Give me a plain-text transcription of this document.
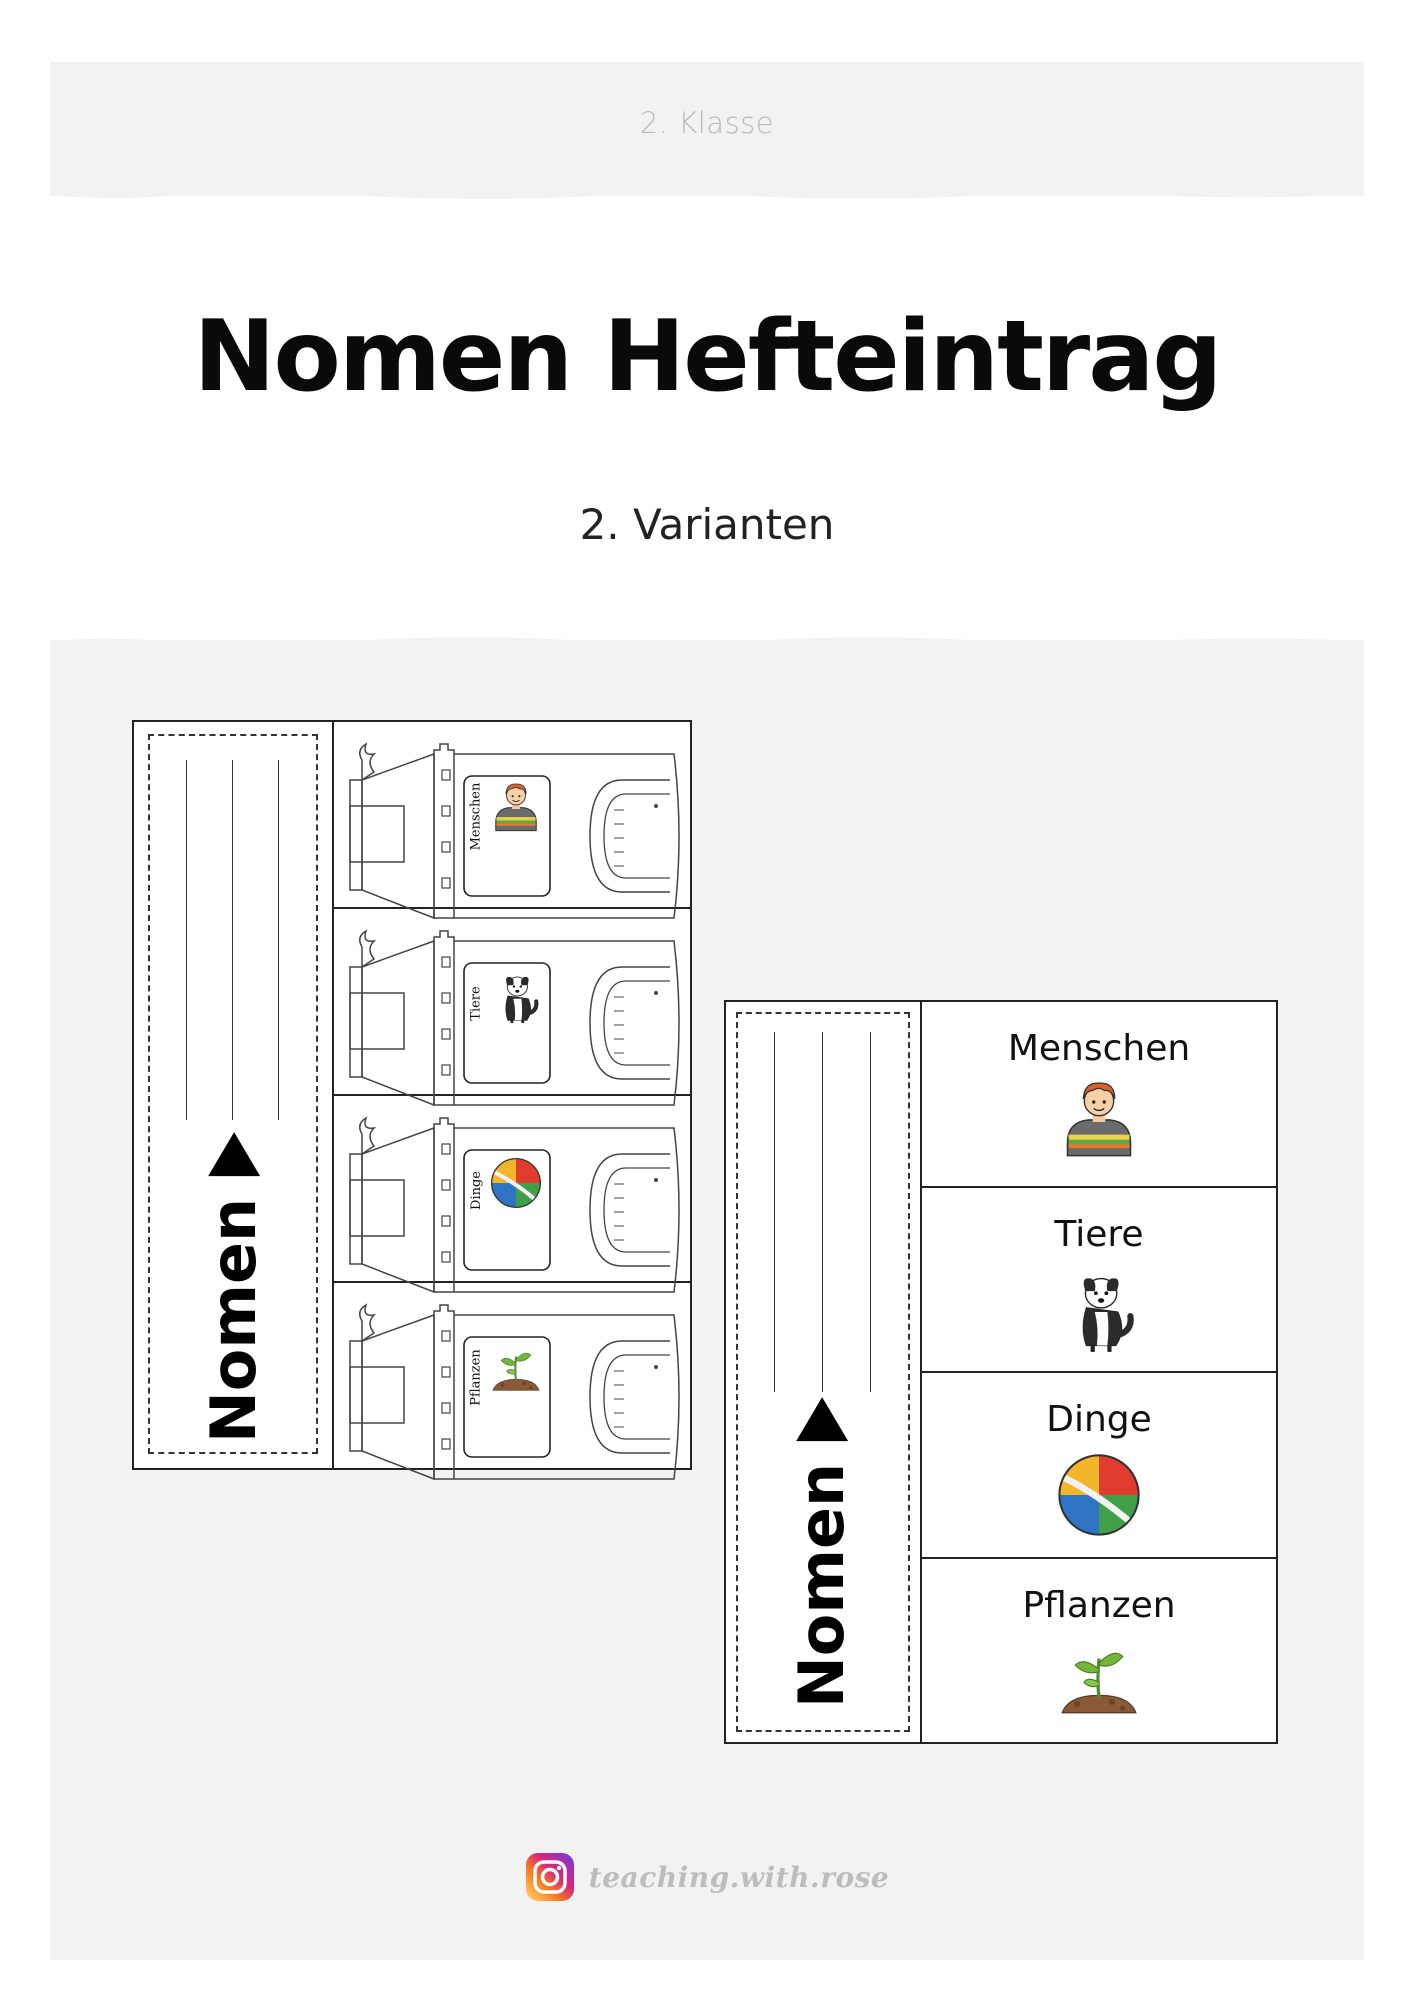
2. Klasse
Nomen Hefteintrag
2. Varianten
Nomen
Menschen
Tiere
Dinge
Pflanzen
Nomen
Menschen
Tiere
Dinge
Pflanzen
teaching.with.rose
